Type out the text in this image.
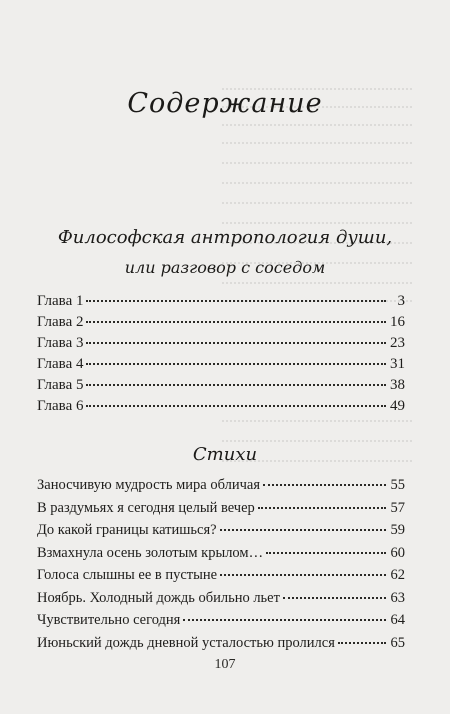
Содержание
Философская антропология души,
или разговор с соседом
Глава 1	3
Глава 2	16
Глава 3	23
Глава 4	31
Глава 5	38
Глава 6	49
Стихи
Заносчивую мудрость мира обличая	55
В раздумьях я сегодня целый вечер	57
До какой границы катишься?	59
Взмахнула осень золотым крылом…	60
Голоса слышны ее в пустыне	62
Ноябрь. Холодный дождь обильно льет	63
Чувствительно сегодня	64
Июньский дождь дневной усталостью пролился	65
107
